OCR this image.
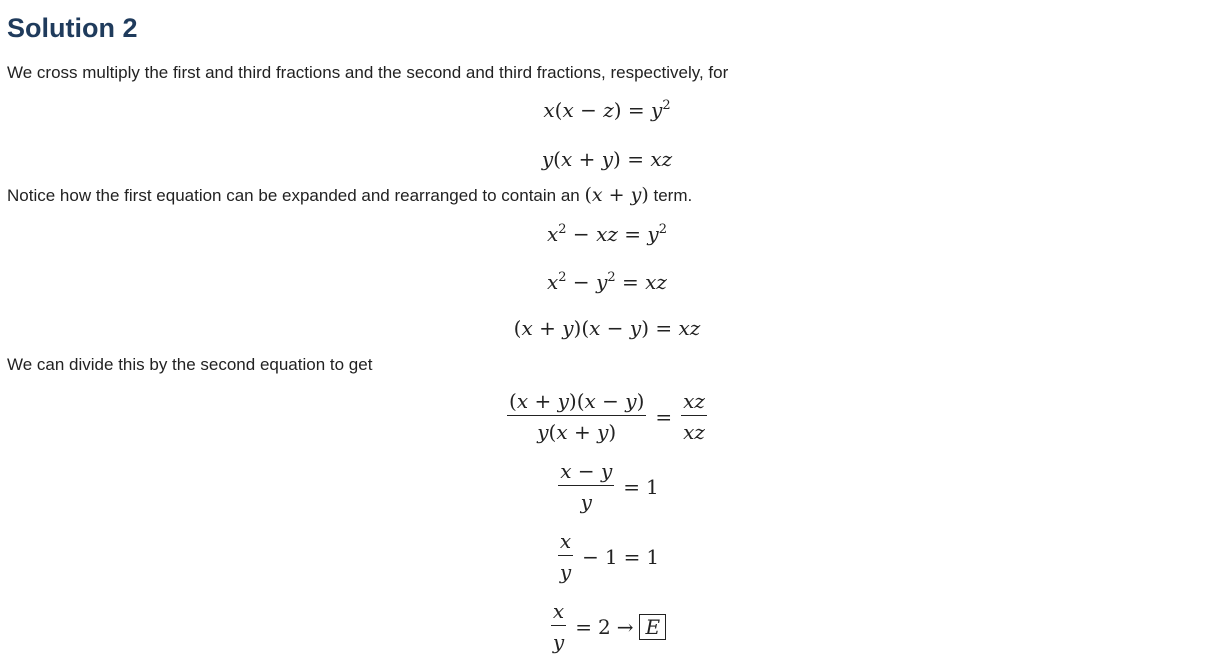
Solution 2

We cross multiply the first and third fractions and the second and third fractions, respectively, for

$x(x - z) = y^2$
y(x + y) = xz

Notice how the first equation can be expanded and rearranged to contain an (x + y) term.

$x^2$ − xz = $y^2$
$x^2 - y^2$ = xz
(x + y)(x − y) = xz

We can divide this by the second equation to get

$\frac{(x + y)(x - y)}{y(x + y)} = \frac{xz}{xz}$
$\frac{x - y}{y} = 1$
$\frac{x}{y} - 1 = 1$
$\frac{x}{y} = 2 \to E$
